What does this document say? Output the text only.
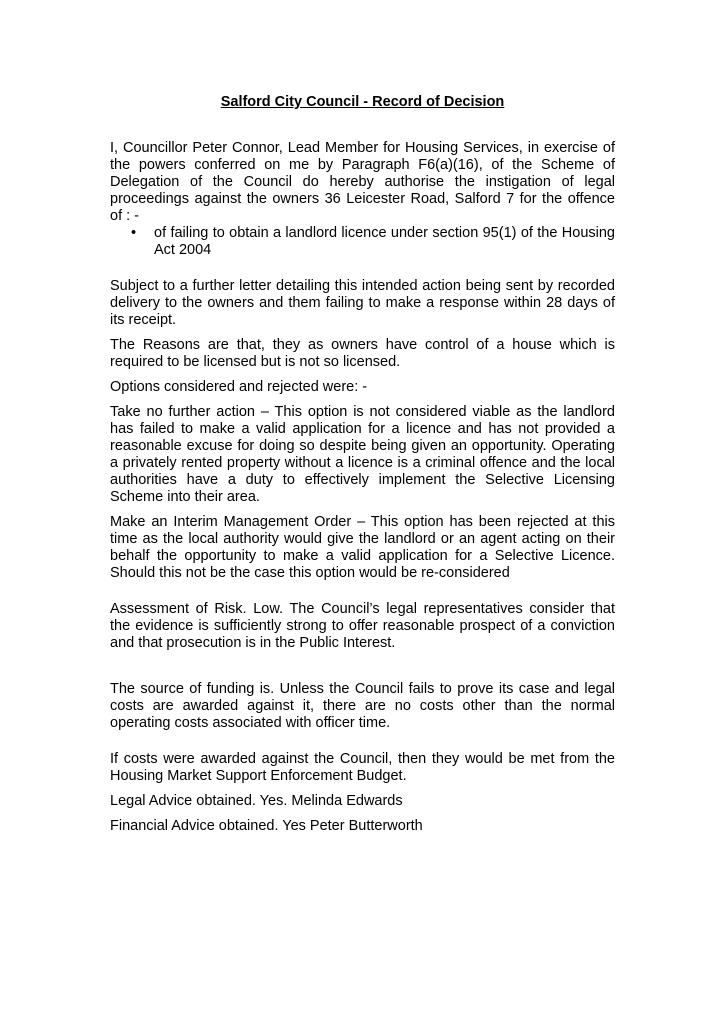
Salford City Council - Record of Decision

I, Councillor Peter Connor, Lead Member for Housing Services, in exercise of the powers conferred on me by Paragraph F6(a)(16), of the Scheme of Delegation of the Council do hereby authorise the instigation of legal proceedings against the owners 36 Leicester Road, Salford 7 for the offence of : -

• of failing to obtain a landlord licence under section 95(1) of the Housing Act 2004

Subject to a further letter detailing this intended action being sent by recorded delivery to the owners and them failing to make a response within 28 days of its receipt.

The Reasons are that, they as owners have control of a house which is required to be licensed but is not so licensed.

Options considered and rejected were: -

Take no further action – This option is not considered viable as the landlord has failed to make a valid application for a licence and has not provided a reasonable excuse for doing so despite being given an opportunity. Operating a privately rented property without a licence is a criminal offence and the local authorities have a duty to effectively implement the Selective Licensing Scheme into their area.

Make an Interim Management Order – This option has been rejected at this time as the local authority would give the landlord or an agent acting on their behalf the opportunity to make a valid application for a Selective Licence. Should this not be the case this option would be re-considered

Assessment of Risk. Low. The Council’s legal representatives consider that the evidence is sufficiently strong to offer reasonable prospect of a conviction and that prosecution is in the Public Interest.

The source of funding is. Unless the Council fails to prove its case and legal costs are awarded against it, there are no costs other than the normal operating costs associated with officer time.

If costs were awarded against the Council, then they would be met from the Housing Market Support Enforcement Budget.

Legal Advice obtained. Yes. Melinda Edwards

Financial Advice obtained. Yes Peter Butterworth
